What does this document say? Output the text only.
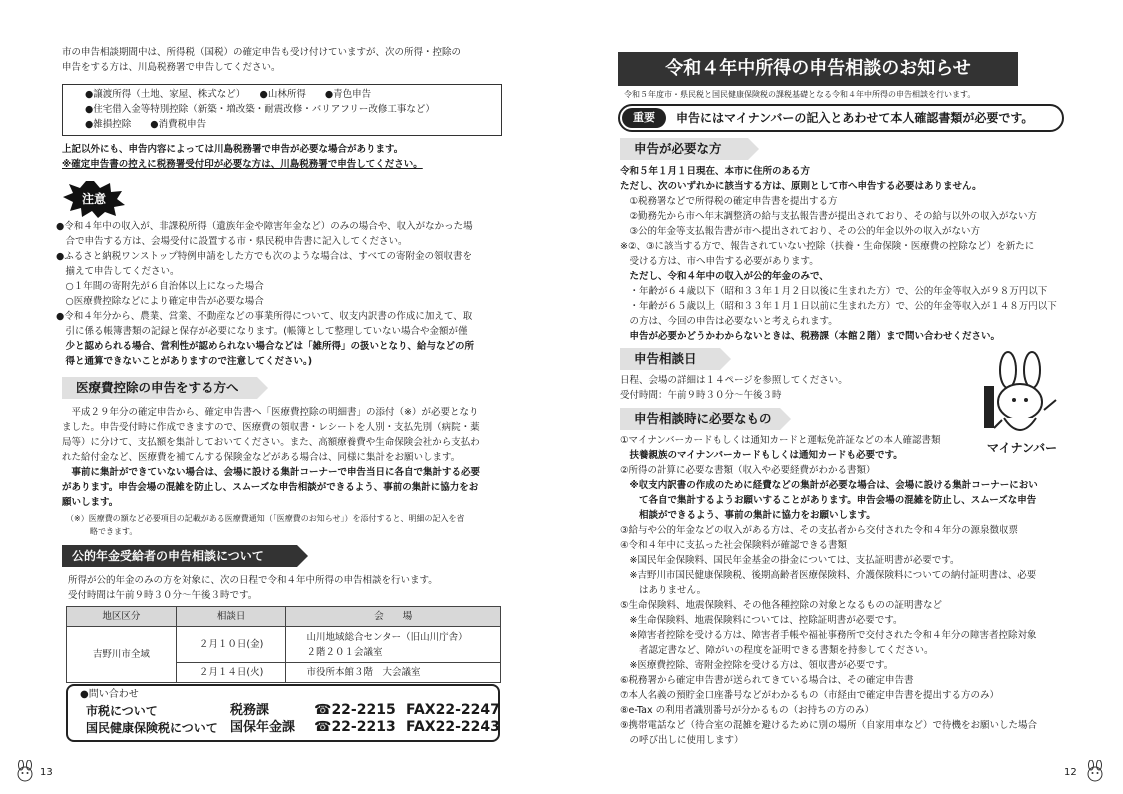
市の申告相談期間中は、所得税（国税）の確定申告も受け付けていますが、次の所得・控除の
申告をする方は、川島税務署で申告してください。
●譲渡所得（土地、家屋、株式など）　　●山林所得　　●青色申告
●住宅借入金等特別控除（新築・増改築・耐震改修・バリアフリー改修工事など）
●雑損控除　　●消費税申告
上記以外にも、申告内容によっては川島税務署で申告が必要な場合があります。
※確定申告書の控えに税務署受付印が必要な方は、川島税務署で申告してください。
注意
●令和４年中の収入が、非課税所得（遺族年金や障害年金など）のみの場合や、収入がなかった場
　合で申告する方は、会場受付に設置する市・県民税申告書に記入してください。
●ふるさと納税ワンストップ特例申請をした方でも次のような場合は、すべての寄附金の領収書を
　揃えて申告してください。
　○１年間の寄附先が６自治体以上になった場合
　○医療費控除などにより確定申告が必要な場合
●令和４年分から、農業、営業、不動産などの事業所得について、収支内訳書の作成に加えて、取
　引に係る帳簿書類の記録と保存が必要になります。(帳簿として整理していない場合や金額が僅
　少と認められる場合、営利性が認められない場合などは「雑所得」の扱いとなり、給与などの所
　得と通算できないことがありますので注意してください。)
医療費控除の申告をする方へ
　平成２９年分の確定申告から、確定申告書へ「医療費控除の明細書」の添付（※）が必要となり
ました。申告受付時に作成できますので、医療費の領収書・レシートを人別・支払先別（病院・薬
局等）に分けて、支払額を集計しておいてください。また、高額療養費や生命保険会社から支払わ
れた給付金など、医療費を補てんする保険金などがある場合は、同様に集計をお願いします。
　事前に集計ができていない場合は、会場に設ける集計コーナーで申告当日に各自で集計する必要
があります。申告会場の混雑を防止し、スムーズな申告相談ができるよう、事前の集計に協力をお
願いします。
（※）医療費の額など必要項目の記載がある医療費通知（「医療費のお知らせ」）を添付すると、明細の記入を省
　　　略できます。
公的年金受給者の申告相談について
所得が公的年金のみの方を対象に、次の日程で令和４年中所得の申告相談を行います。
受付時間は午前９時３０分～午後３時です。
地区区分	相談日	会　　場
吉野川市全域	２月１０日(金)	山川地域総合センター（旧山川庁舎）
２階２０１会議室

	２月１４日(火)	市役所本館３階　大会議室
●問い合わせ
市税について	税務課	☎22-2215 FAX22-2247
国民健康保険税について 国保年金課 ☎22-2213 FAX22-2243
13
令和４年中所得の申告相談のお知らせ
令和５年度市・県民税と国民健康保険税の課税基礎となる令和４年中所得の申告相談を行います。
重要	申告にはマイナンバーの記入とあわせて本人確認書類が必要です。
申告が必要な方
令和５年１月１日現在、本市に住所のある方
ただし、次のいずれかに該当する方は、原則として市へ申告する必要はありません。
　①税務署などで所得税の確定申告書を提出する方
　②勤務先から市へ年末調整済の給与支払報告書が提出されており、その給与以外の収入がない方
　③公的年金等支払報告書が市へ提出されており、その公的年金以外の収入がない方
※②、③に該当する方で、報告されていない控除（扶養・生命保険・医療費の控除など）を新たに
　受ける方は、市へ申告する必要があります。
　ただし、令和４年中の収入が公的年金のみで、
　・年齢が６４歳以下（昭和３３年１月２日以後に生まれた方）で、公的年金等収入が９８万円以下
　・年齢が６５歳以上（昭和３３年１月１日以前に生まれた方）で、公的年金等収入が１４８万円以下
　の方は、今回の申告は必要ないと考えられます。
　申告が必要かどうかわからないときは、税務課（本館２階）まで問い合わせください。
申告相談日
日程、会場の詳細は１４ページを参照してください。
受付時間：午前９時３０分～午後３時
マイナンバー
申告相談時に必要なもの
①マイナンバーカードもしくは通知カードと運転免許証などの本人確認書類
　扶養親族のマイナンバーカードもしくは通知カードも必要です。
②所得の計算に必要な書類（収入や必要経費がわかる書類）
　※収支内訳書の作成のために経費などの集計が必要な場合は、会場に設ける集計コーナーにおい
　　て各自で集計するようお願いすることがあります。申告会場の混雑を防止し、スムーズな申告
　　相談ができるよう、事前の集計に協力をお願いします。
③給与や公的年金などの収入がある方は、その支払者から交付された令和４年分の源泉徴収票
④令和４年中に支払った社会保険料が確認できる書類
　※国民年金保険料、国民年金基金の掛金については、支払証明書が必要です。
　※吉野川市国民健康保険税、後期高齢者医療保険料、介護保険料についての納付証明書は、必要
　　はありません。
⑤生命保険料、地震保険料、その他各種控除の対象となるものの証明書など
　※生命保険料、地震保険料については、控除証明書が必要です。
　※障害者控除を受ける方は、障害者手帳や福祉事務所で交付された令和４年分の障害者控除対象
　　者認定書など、障がいの程度を証明できる書類を持参してください。
　※医療費控除、寄附金控除を受ける方は、領収書が必要です。
⑥税務署から確定申告書が送られてきている場合は、その確定申告書
⑦本人名義の預貯金口座番号などがわかるもの（市経由で確定申告書を提出する方のみ）
⑧e-Tax の利用者識別番号が分かるもの（お持ちの方のみ）
⑨携帯電話など（待合室の混雑を避けるために別の場所（自家用車など）で待機をお願いした場合
　の呼び出しに使用します）
12
